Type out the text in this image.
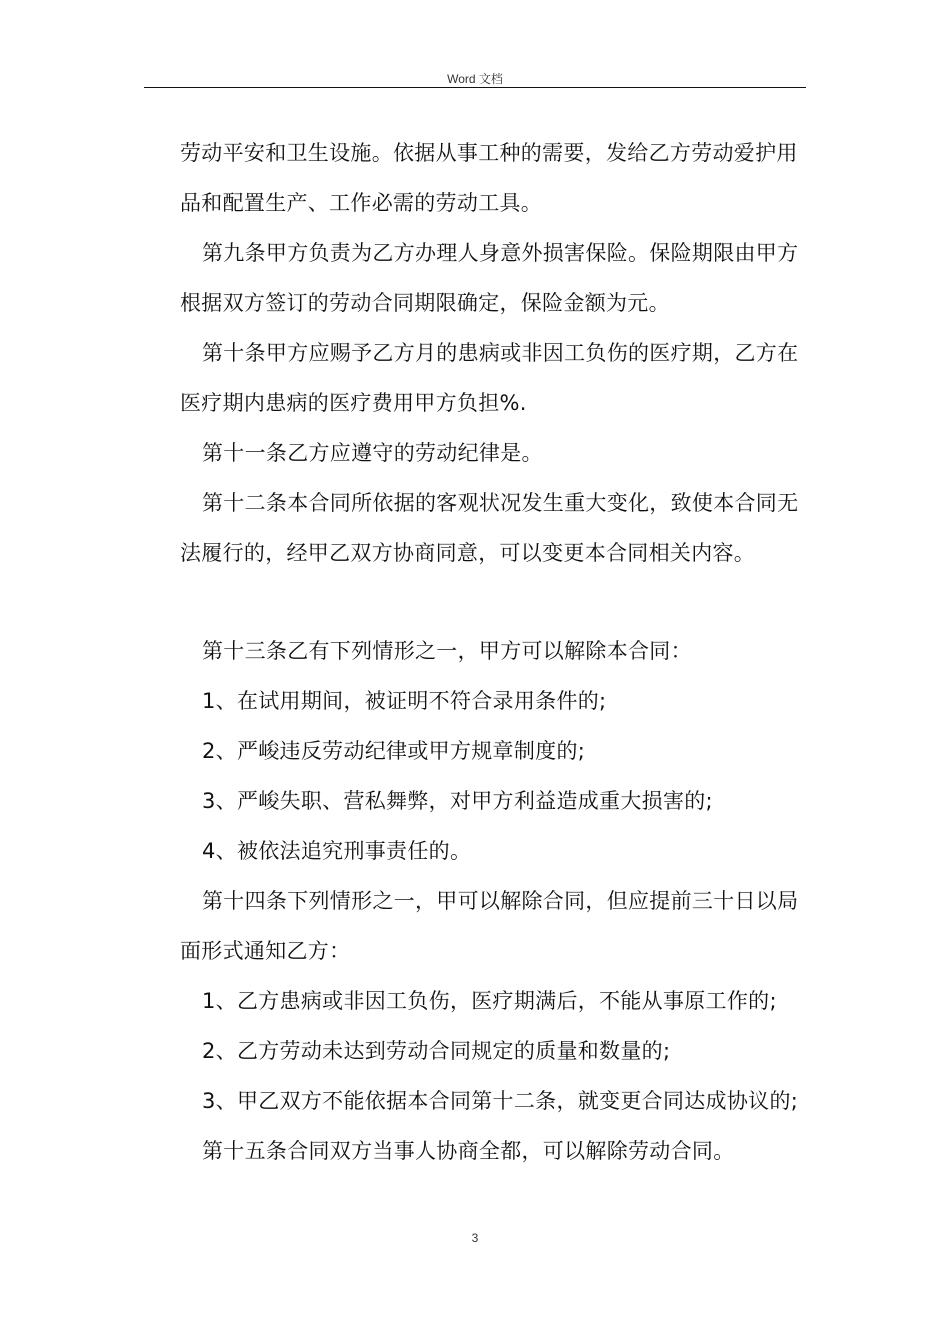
Word 文档

劳动平安和卫生设施。依据从事工种的需要，发给乙方劳动爱护用品和配置生产、工作必需的劳动工具。

第九条甲方负责为乙方办理人身意外损害保险。保险期限由甲方根据双方签订的劳动合同期限确定，保险金额为元。

第十条甲方应赐予乙方月的患病或非因工负伤的医疗期，乙方在医疗期内患病的医疗费用甲方负担%.

第十一条乙方应遵守的劳动纪律是。

第十二条本合同所依据的客观状况发生重大变化，致使本合同无法履行的，经甲乙双方协商同意，可以变更本合同相关内容。

第十三条乙有下列情形之一，甲方可以解除本合同：

1、在试用期间，被证明不符合录用条件的;

2、严峻违反劳动纪律或甲方规章制度的;

3、严峻失职、营私舞弊，对甲方利益造成重大损害的;

4、被依法追究刑事责任的。

第十四条下列情形之一，甲可以解除合同，但应提前三十日以局面形式通知乙方：

1、乙方患病或非因工负伤，医疗期满后，不能从事原工作的;

2、乙方劳动未达到劳动合同规定的质量和数量的;

3、甲乙双方不能依据本合同第十二条，就变更合同达成协议的;

第十五条合同双方当事人协商全都，可以解除劳动合同。

3
